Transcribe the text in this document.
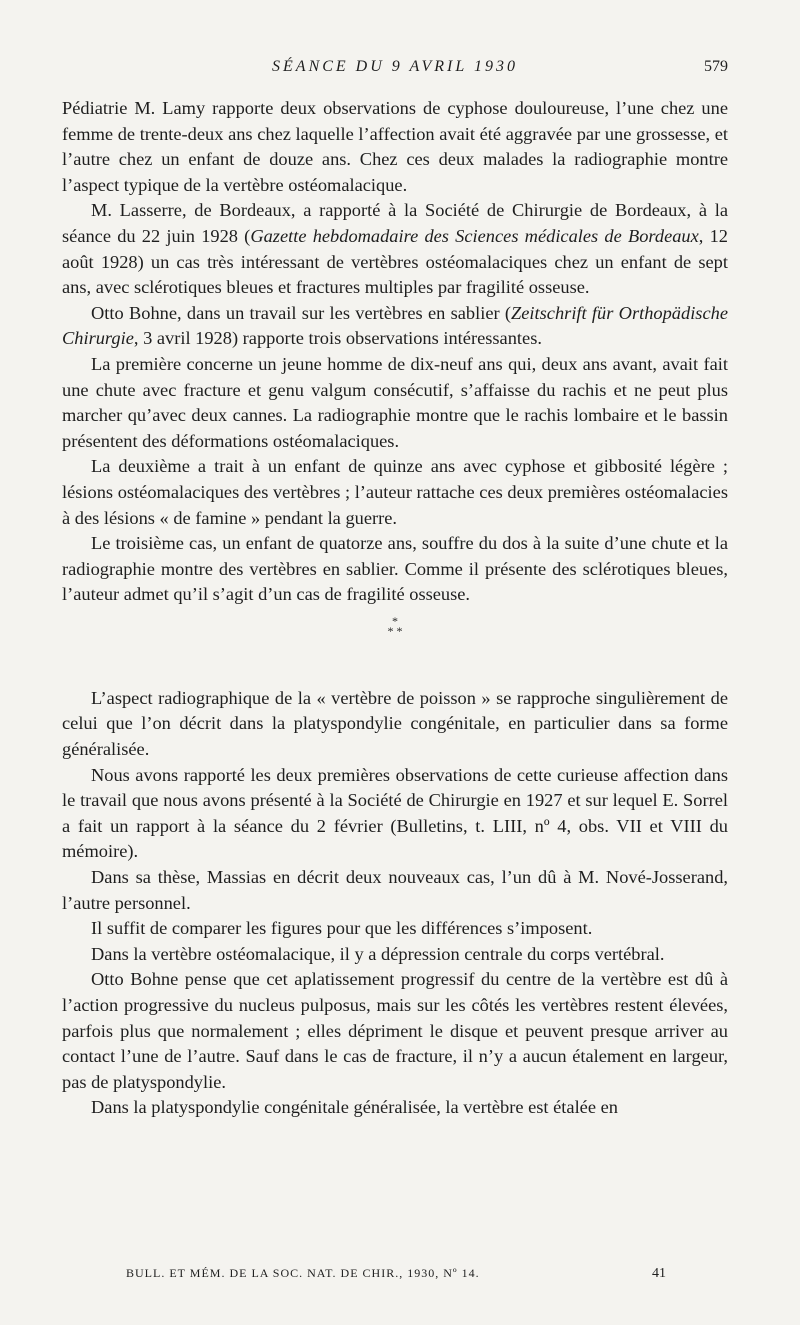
SÉANCE DU 9 AVRIL 1930	579

Pédiatrie M. Lamy rapporte deux observations de cyphose douloureuse, l’une chez une femme de trente-deux ans chez laquelle l’affection avait été aggravée par une grossesse, et l’autre chez un enfant de douze ans. Chez ces deux malades la radiographie montre l’aspect typique de la vertèbre ostéomalacique.

M. Lasserre, de Bordeaux, a rapporté à la Société de Chirurgie de Bordeaux, à la séance du 22 juin 1928 (Gazette hebdomadaire des Sciences médicales de Bordeaux, 12 août 1928) un cas très intéressant de vertèbres ostéomalaciques chez un enfant de sept ans, avec sclérotiques bleues et fractures multiples par fragilité osseuse.

Otto Bohne, dans un travail sur les vertèbres en sablier (Zeitschrift für Orthopädische Chirurgie, 3 avril 1928) rapporte trois observations intéressantes.

La première concerne un jeune homme de dix-neuf ans qui, deux ans avant, avait fait une chute avec fracture et genu valgum consécutif, s’affaisse du rachis et ne peut plus marcher qu’avec deux cannes. La radiographie montre que le rachis lombaire et le bassin présentent des déformations ostéomalaciques.

La deuxième a trait à un enfant de quinze ans avec cyphose et gibbosité légère ; lésions ostéomalaciques des vertèbres ; l’auteur rattache ces deux premières ostéomalacies à des lésions « de famine » pendant la guerre.

Le troisième cas, un enfant de quatorze ans, souffre du dos à la suite d’une chute et la radiographie montre des vertèbres en sablier. Comme il présente des sclérotiques bleues, l’auteur admet qu’il s’agit d’un cas de fragilité osseuse.

*
* *

L’aspect radiographique de la « vertèbre de poisson » se rapproche singulièrement de celui que l’on décrit dans la platyspondylie congénitale, en particulier dans sa forme généralisée.

Nous avons rapporté les deux premières observations de cette curieuse affection dans le travail que nous avons présenté à la Société de Chirurgie en 1927 et sur lequel E. Sorrel a fait un rapport à la séance du 2 février (Bulletins, t. LIII, nº 4, obs. VII et VIII du mémoire).

Dans sa thèse, Massias en décrit deux nouveaux cas, l’un dû à M. Nové-Josserand, l’autre personnel.

Il suffit de comparer les figures pour que les différences s’imposent.

Dans la vertèbre ostéomalacique, il y a dépression centrale du corps vertébral.

Otto Bohne pense que cet aplatissement progressif du centre de la vertèbre est dû à l’action progressive du nucleus pulposus, mais sur les côtés les vertèbres restent élevées, parfois plus que normalement ; elles dépriment le disque et peuvent presque arriver au contact l’une de l’autre. Sauf dans le cas de fracture, il n’y a aucun étalement en largeur, pas de platyspondylie.

Dans la platyspondylie congénitale généralisée, la vertèbre est étalée en

BULL. ET MÉM. DE LA SOC. NAT. DE CHIR., 1930, Nº 14.	41
